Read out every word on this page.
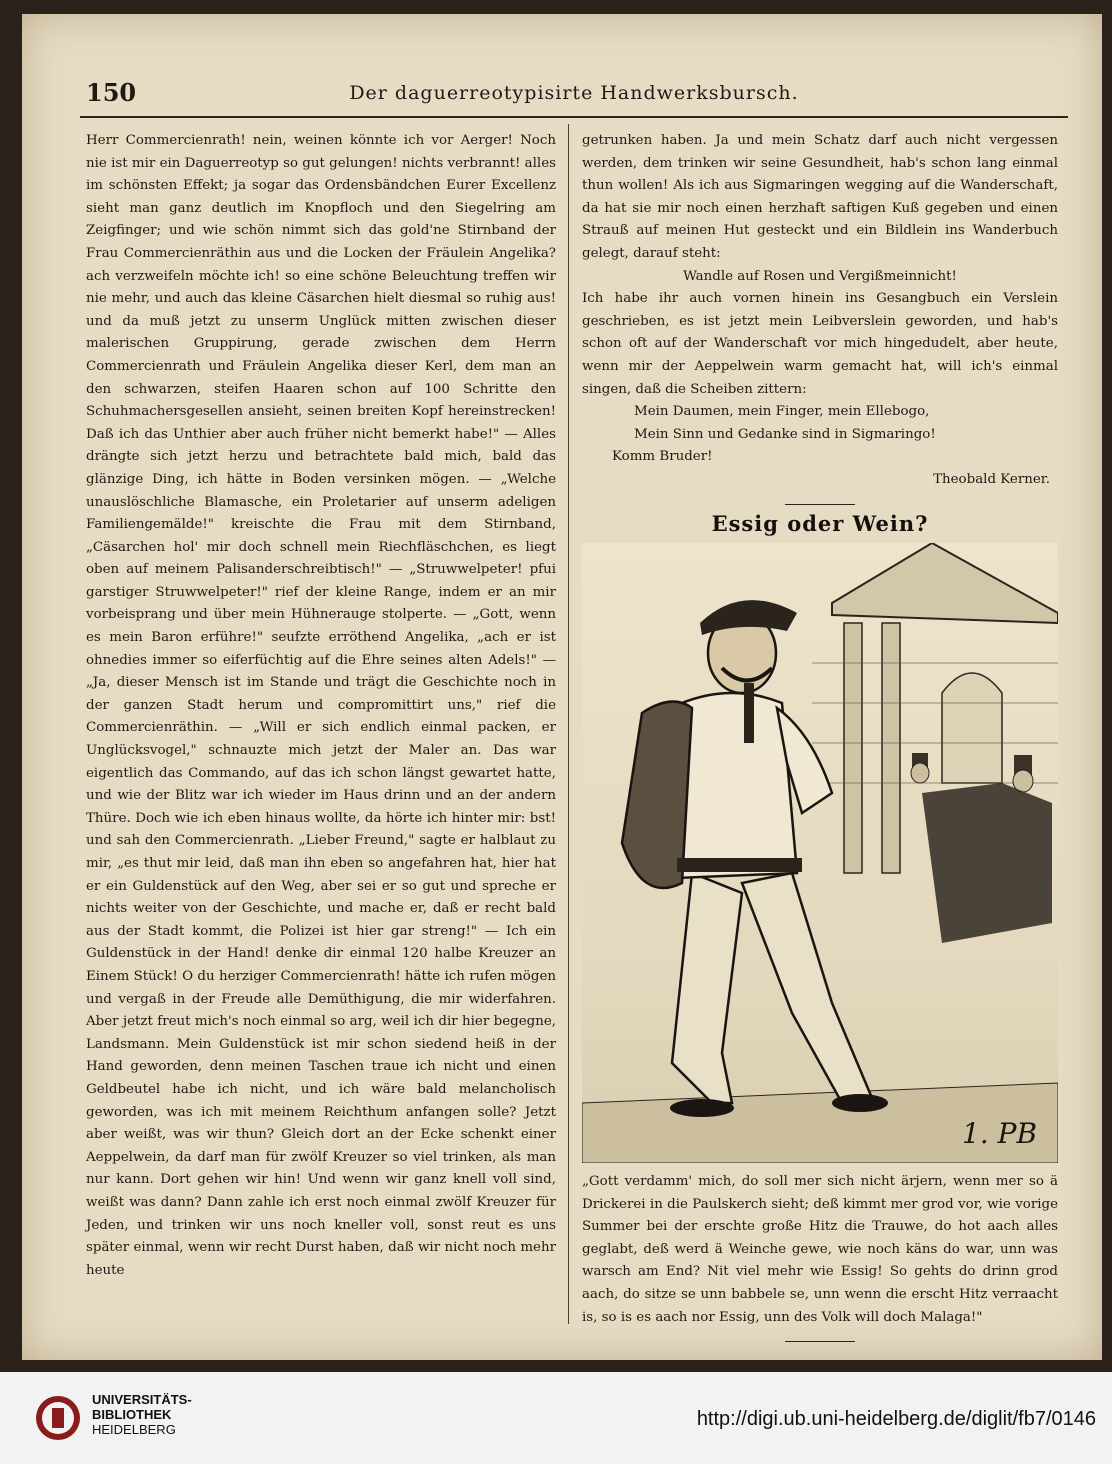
150	Der daguerreotypisirte Handwerksbursch.

Herr Commercienrath! nein, weinen könnte ich vor Aerger! Noch nie ist mir ein Daguerreotyp so gut gelungen! nichts verbrannt! alles im schönsten Effekt; ja sogar das Ordensbändchen Eurer Excellenz sieht man ganz deutlich im Knopfloch und den Siegelring am Zeigfinger; und wie schön nimmt sich das gold'ne Stirnband der Frau Commercienräthin aus und die Locken der Fräulein Angelika? ach verzweifeln möchte ich! so eine schöne Beleuchtung treffen wir nie mehr, und auch das kleine Cäsarchen hielt diesmal so ruhig aus! und da muß jetzt zu unserm Unglück mitten zwischen dieser malerischen Gruppirung, gerade zwischen dem Herrn Commercienrath und Fräulein Angelika dieser Kerl, dem man an den schwarzen, steifen Haaren schon auf 100 Schritte den Schuhmachersgesellen ansieht, seinen breiten Kopf hereinstrecken! Daß ich das Unthier aber auch früher nicht bemerkt habe!" — Alles drängte sich jetzt herzu und betrachtete bald mich, bald das glänzige Ding, ich hätte in Boden versinken mögen. — „Welche unauslöschliche Blamasche, ein Proletarier auf unserm adeligen Familiengemälde!" kreischte die Frau mit dem Stirnband, „Cäsarchen hol' mir doch schnell mein Riechfläschchen, es liegt oben auf meinem Palisanderschreibtisch!" — „Struwwelpeter! pfui garstiger Struwwelpeter!" rief der kleine Range, indem er an mir vorbeisprang und über mein Hühnerauge stolperte. — „Gott, wenn es mein Baron erführe!" seufzte erröthend Angelika, „ach er ist ohnedies immer so eiferfüchtig auf die Ehre seines alten Adels!" — „Ja, dieser Mensch ist im Stande und trägt die Geschichte noch in der ganzen Stadt herum und compromittirt uns," rief die Commercienräthin. — „Will er sich endlich einmal packen, er Unglücksvogel," schnauzte mich jetzt der Maler an. Das war eigentlich das Commando, auf das ich schon längst gewartet hatte, und wie der Blitz war ich wieder im Haus drinn und an der andern Thüre. Doch wie ich eben hinaus wollte, da hörte ich hinter mir: bst! und sah den Commercienrath. „Lieber Freund," sagte er halblaut zu mir, „es thut mir leid, daß man ihn eben so angefahren hat, hier hat er ein Guldenstück auf den Weg, aber sei er so gut und spreche er nichts weiter von der Geschichte, und mache er, daß er recht bald aus der Stadt kommt, die Polizei ist hier gar streng!" — Ich ein Guldenstück in der Hand! denke dir einmal 120 halbe Kreuzer an Einem Stück! O du herziger Commercienrath! hätte ich rufen mögen und vergaß in der Freude alle Demüthigung, die mir widerfahren. Aber jetzt freut mich's noch einmal so arg, weil ich dir hier begegne, Landsmann. Mein Guldenstück ist mir schon siedend heiß in der Hand geworden, denn meinen Taschen traue ich nicht und einen Geldbeutel habe ich nicht, und ich wäre bald melancholisch geworden, was ich mit meinem Reichthum anfangen solle? Jetzt aber weißt, was wir thun? Gleich dort an der Ecke schenkt einer Aeppelwein, da darf man für zwölf Kreuzer so viel trinken, als man nur kann. Dort gehen wir hin! Und wenn wir ganz knell voll sind, weißt was dann? Dann zahle ich erst noch einmal zwölf Kreuzer für Jeden, und trinken wir uns noch kneller voll, sonst reut es uns später einmal, wenn wir recht Durst haben, daß wir nicht noch mehr heute

getrunken haben. Ja und mein Schatz darf auch nicht vergessen werden, dem trinken wir seine Gesundheit, hab's schon lang einmal thun wollen! Als ich aus Sigmaringen wegging auf die Wanderschaft, da hat sie mir noch einen herzhaft saftigen Kuß gegeben und einen Strauß auf meinen Hut gesteckt und ein Bildlein ins Wanderbuch gelegt, darauf steht:

Wandle auf Rosen und Vergißmeinnicht!

Ich habe ihr auch vornen hinein ins Gesangbuch ein Verslein geschrieben, es ist jetzt mein Leibverslein geworden, und hab's schon oft auf der Wanderschaft vor mich hingedudelt, aber heute, wenn mir der Aeppelwein warm gemacht hat, will ich's einmal singen, daß die Scheiben zittern:

Mein Daumen, mein Finger, mein Ellebogo,

Mein Sinn und Gedanke sind in Sigmaringo!

Komm Bruder!

Theobald Kerner.

Essig oder Wein?
1. PB

„Gott verdamm' mich, do soll mer sich nicht ärjern, wenn mer so ä Drickerei in die Paulskerch sieht; deß kimmt mer grod vor, wie vorige Summer bei der erschte große Hitz die Trauwe, do hot aach alles geglabt, deß werd ä Weinche gewe, wie noch käns do war, unn was warsch am End? Nit viel mehr wie Essig! So gehts do drinn grod aach, do sitze se unn babbele se, unn wenn die erscht Hitz verraacht is, so is es aach nor Essig, unn des Volk will doch Malaga!"

UNIVERSITÄTS-
BIBLIOTHEK
HEIDELBERG	http://digi.ub.uni-heidelberg.de/diglit/fb7/0146
